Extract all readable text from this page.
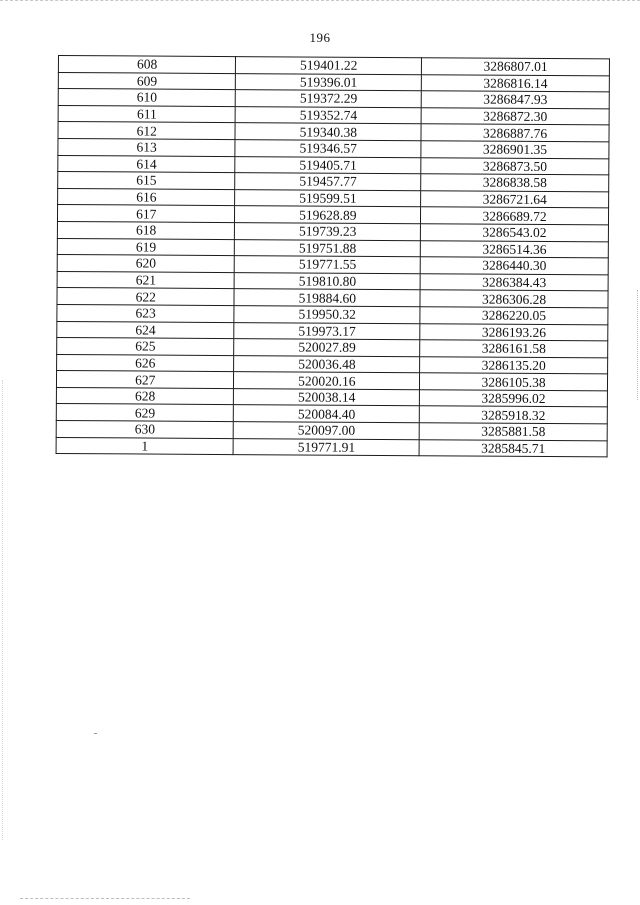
196
608	519401.22	3286807.01
609	519396.01	3286816.14
610	519372.29	3286847.93
611	519352.74	3286872.30
612	519340.38	3286887.76
613	519346.57	3286901.35
614	519405.71	3286873.50
615	519457.77	3286838.58
616	519599.51	3286721.64
617	519628.89	3286689.72
618	519739.23	3286543.02
619	519751.88	3286514.36
620	519771.55	3286440.30
621	519810.80	3286384.43
622	519884.60	3286306.28
623	519950.32	3286220.05
624	519973.17	3286193.26
625	520027.89	3286161.58
626	520036.48	3286135.20
627	520020.16	3286105.38
628	520038.14	3285996.02
629	520084.40	3285918.32
630	520097.00	3285881.58
1	519771.91	3285845.71
